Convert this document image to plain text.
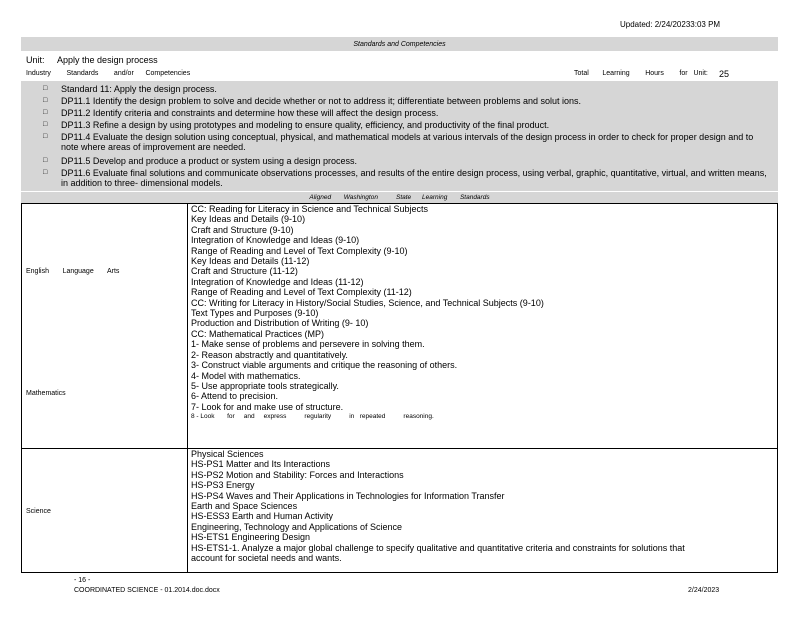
Updated: 2/24/20233:03 PM
Standards and Competencies
Unit: Apply the design process
Industry        Standards        and/or      Competencies	Total       Learning        Hours        for   Unit: 25
□ Standard 11: Apply the design process.
□ DP11.1 Identify the design problem to solve and decide whether or not to address it; differentiate between problems and solut ions.
□ DP11.2 Identify criteria and constraints and determine how these will affect the design process.
□ DP11.3 Refine a design by using prototypes and modeling to ensure quality, efficiency, and productivity of the final product.
□ DP11.4 Evaluate the design solution using conceptual, physical, and mathematical models at various intervals of the design process in order to check for proper design and to note where areas of improvement are needed.
□ DP11.5 Develop and produce a product or system using a design process.
□ DP11.6 Evaluate final solutions and communicate observations processes, and results of the entire design process, using verbal, graphic, quantitative, virtual, and written means, in addition to three- dimensional models.
Aligned       Washington          State      Learning       Standards
English       Language       Arts
CC: Reading for Literacy in Science and Technical Subjects
Key Ideas and Details (9-10)
Craft and Structure (9-10)
Integration of Knowledge and Ideas (9-10)
Range of Reading and Level of Text Complexity (9-10)
Key Ideas and Details (11-12)
Craft and Structure (11-12)
Integration of Knowledge and Ideas (11-12)
Range of Reading and Level of Text Complexity (11-12)
CC: Writing for Literacy in History/Social Studies, Science, and Technical Subjects (9-10)
Text Types and Purposes (9-10)
Production and Distribution of Writing (9- 10)
Mathematics
CC: Mathematical Practices (MP)
1- Make sense of problems and persevere in solving them.
2- Reason abstractly and quantitatively.
3- Construct viable arguments and critique the reasoning of others.
4- Model with mathematics.
5- Use appropriate tools strategically.
6- Attend to precision.
7- Look for and make use of structure.
8 - Look       for     and     express          regularity          in   repeated          reasoning.
Science
Physical Sciences
HS-PS1 Matter and Its Interactions
HS-PS2 Motion and Stability: Forces and Interactions
HS-PS3 Energy
HS-PS4 Waves and Their Applications in Technologies for Information Transfer
Earth and Space Sciences
HS-ESS3 Earth and Human Activity
Engineering, Technology and Applications of Science
HS-ETS1 Engineering Design
HS-ETS1-1. Analyze a major global challenge to specify qualitative and quantitative criteria and constraints for solutions that
account for societal needs and wants.
- 16 -
COORDINATED SCIENCE - 01.2014.doc.docx	2/24/2023
